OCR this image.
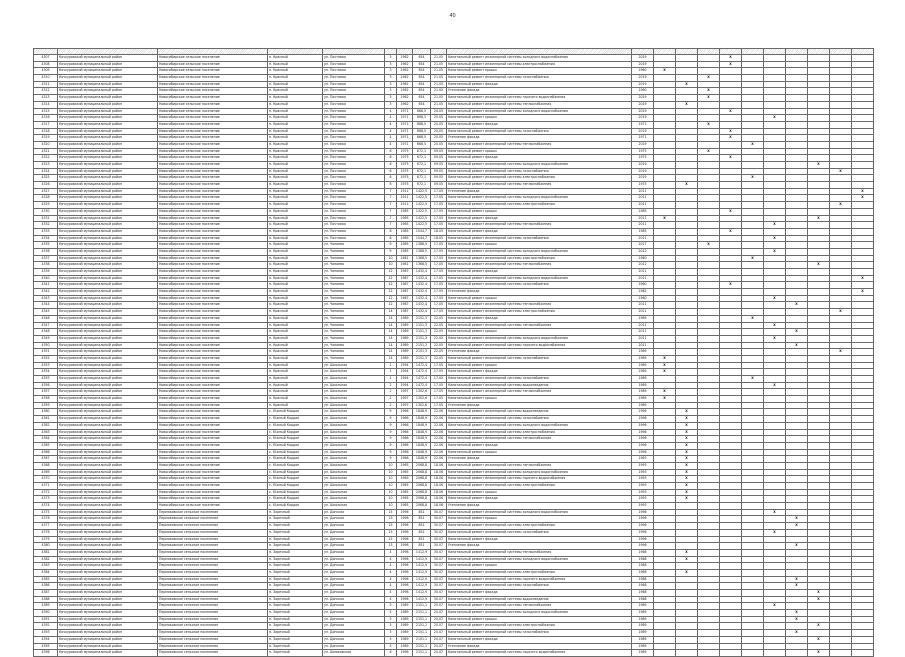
40

4307	Кочкуровский муниципальный район	Новосибирское сельское поселение	п. Красный	ул. Почтовая	3	1962	654	21.05	Капитальный ремонт инженерной системы холодного водоснабжения	2019				X						
4308	Кочкуровский муниципальный район	Новосибирское сельское поселение	п. Красный	ул. Почтовая	3	1962	654	21.05	Капитальный ремонт инженерной системы электроснабжения	2019				X						
4309	Кочкуровский муниципальный район	Новосибирское сельское поселение	п. Красный	ул. Почтовая	3	1962	654	21.05	Капитальный ремонт крыши	1960	X									
4310	Кочкуровский муниципальный район	Новосибирское сельское поселение	п. Красный	ул. Почтовая	3	1962	654	21.05	Капитальный ремонт инженерной системы газоснабжения	2019			X							
4311	Кочкуровский муниципальный район	Новосибирское сельское поселение	п. Красный	ул. Почтовая	3	1962	654	21.05	Капитальный ремонт фасада	2019		X								
4312	Кочкуровский муниципальный район	Новосибирское сельское поселение	п. Красный	ул. Почтовая	3	1962	654	21.05	Утепление фасада	1960			X							
4313	Кочкуровский муниципальный район	Новосибирское сельское поселение	п. Красный	ул. Почтовая	3	1962	654	21.05	Капитальный ремонт инженерной системы горячего водоснабжения	2019			X							
4314	Кочкуровский муниципальный район	Новосибирское сельское поселение	п. Красный	ул. Почтовая	3	1962	654	21.05	Капитальный ремонт инженерной системы теплоснабжения	2019		X								
4315	Кочкуровский муниципальный район	Новосибирское сельское поселение	п. Красный	ул. Почтовая	4	1971	668,5	20.05	Капитальный ремонт инженерной системы холодного водоснабжения	2019				X						
4316	Кочкуровский муниципальный район	Новосибирское сельское поселение	п. Красный	ул. Почтовая	4	1971	668,5	20.05	Капитальный ремонт крыши	2019						X				
4317	Кочкуровский муниципальный район	Новосибирское сельское поселение	п. Красный	ул. Почтовая	4	1971	668,5	20.05	Капитальный ремонт фасада	1971			X							
4318	Кочкуровский муниципальный район	Новосибирское сельское поселение	п. Красный	ул. Почтовая	4	1971	668,5	20.05	Капитальный ремонт инженерной системы газоснабжения	2019				X						
4319	Кочкуровский муниципальный район	Новосибирское сельское поселение	п. Красный	ул. Почтовая	4	1971	668,5	20.05	Утепление фасада	1971				X						
4320	Кочкуровский муниципальный район	Новосибирское сельское поселение	п. Красный	ул. Почтовая	4	1971	668,5	20.05	Капитальный ремонт инженерной системы теплоснабжения	2019					X					
4321	Кочкуровский муниципальный район	Новосибирское сельское поселение	п. Красный	ул. Почтовая	6	1975	672,1	09.05	Капитальный ремонт крыши	1975			X							
4322	Кочкуровский муниципальный район	Новосибирское сельское поселение	п. Красный	ул. Почтовая	6	1975	672,1	09.05	Капитальный ремонт фасада	1975				X						
4323	Кочкуровский муниципальный район	Новосибирское сельское поселение	п. Красный	ул. Почтовая	6	1975	672,1	09.05	Капитальный ремонт инженерной системы холодного водоснабжения	2019								X		
4324	Кочкуровский муниципальный район	Новосибирское сельское поселение	п. Красный	ул. Почтовая	6	1975	672,1	09.05	Капитальный ремонт инженерной системы газоснабжения	2019									X	
4325	Кочкуровский муниципальный район	Новосибирское сельское поселение	п. Красный	ул. Почтовая	6	1975	672,1	09.05	Капитальный ремонт инженерной системы электроснабжения	2019					X					
4326	Кочкуровский муниципальный район	Новосибирское сельское поселение	п. Красный	ул. Почтовая	6	1975	672,1	09.05	Капитальный ремонт инженерной системы теплоснабжения	1975		X								
4327	Кочкуровский муниципальный район	Новосибирское сельское поселение	п. Красный	ул. Почтовая	7	1911	1422,5	17.05	Утепление фасада	2011										X
4328	Кочкуровский муниципальный район	Новосибирское сельское поселение	п. Красный	ул. Почтовая	7	1911	1422,5	17.05	Капитальный ремонт инженерной системы холодного водоснабжения	2011										X
4329	Кочкуровский муниципальный район	Новосибирское сельское поселение	п. Красный	ул. Почтовая	7	1911	1422,5	17.05	Капитальный ремонт инженерной системы электроснабжения	2011									X	
4330	Кочкуровский муниципальный район	Новосибирское сельское поселение	п. Красный	ул. Почтовая	7	1985	1422,5	17.05	Капитальный ремонт крыши	1985				X						
4331	Кочкуровский муниципальный район	Новосибирское сельское поселение	п. Красный	ул. Почтовая	7	1985	1422,5	17.05	Капитальный ремонт фасада	2011	X							X		
4332	Кочкуровский муниципальный район	Новосибирское сельское поселение	п. Красный	ул. Почтовая	7	1985	1422,5	17.05	Капитальный ремонт инженерной системы теплоснабжения	2011						X				
4333	Кочкуровский муниципальный район	Новосибирское сельское поселение	п. Красный	ул. Почтовая	8	1985	1544,7	18.05	Капитальный ремонт фасада	1985				X						
4334	Кочкуровский муниципальный район	Новосибирское сельское поселение	п. Красный	ул. Почтовая	8	1985	1544,7	18.05	Капитальный ремонт инженерной системы газоснабжения	2011						X				
4335	Кочкуровский муниципальный район	Новосибирское сельское поселение	п. Красный	ул. Чапаева	9	1985	1388,5	17.05	Капитальный ремонт крыши	2017			X							
4336	Кочкуровский муниципальный район	Новосибирское сельское поселение	п. Красный	ул. Чапаева	9	1985	1388,5	17.05	Капитальный ремонт инженерной системы холодного водоснабжения	2012						X				
4337	Кочкуровский муниципальный район	Новосибирское сельское поселение	п. Красный	ул. Чапаева	10	1981	1368,5	17.05	Капитальный ремонт инженерной системы электроснабжения	1960					X					
4338	Кочкуровский муниципальный район	Новосибирское сельское поселение	п. Красный	ул. Чапаева	10	1981	1368,5	17.05	Капитальный ремонт инженерной системы теплоснабжения	2012								X		
4339	Кочкуровский муниципальный район	Новосибирское сельское поселение	п. Красный	ул. Чапаева	12	1987	1432,4	17.05	Капитальный ремонт фасада	2011										
4340	Кочкуровский муниципальный район	Новосибирское сельское поселение	п. Красный	ул. Чапаева	12	1987	1432,4	17.05	Капитальный ремонт инженерной системы холодного водоснабжения	2011										X
4341	Кочкуровский муниципальный район	Новосибирское сельское поселение	п. Красный	ул. Чапаева	12	1987	1432,4	17.05	Капитальный ремонт инженерной системы газоснабжения	1960				X						
4342	Кочкуровский муниципальный район	Новосибирское сельское поселение	п. Красный	ул. Чапаева	12	1987	1432,4	17.05	Утепление фасада	1982										X
4343	Кочкуровский муниципальный район	Новосибирское сельское поселение	п. Красный	ул. Чапаева	12	1987	1432,4	17.05	Капитальный ремонт крыши	1960						X				
4344	Кочкуровский муниципальный район	Новосибирское сельское поселение	п. Красный	ул. Чапаева	12	1987	1432,4	17.05	Капитальный ремонт инженерной системы теплоснабжения	2011							X			
4345	Кочкуровский муниципальный район	Новосибирское сельское поселение	п. Красный	ул. Чапаева	14	1987	1432,4	17.05	Капитальный ремонт инженерной системы электроснабжения	2011									X	
4346	Кочкуровский муниципальный район	Новосибирское сельское поселение	п. Красный	ул. Чапаева	14	1989	2151,3	22.05	Капитальный ремонт фасада	1989					X					
4347	Кочкуровский муниципальный район	Новосибирское сельское поселение	п. Красный	ул. Чапаева	14	1989	2151,3	22.05	Капитальный ремонт инженерной системы теплоснабжения	2011						X				
4348	Кочкуровский муниципальный район	Новосибирское сельское поселение	п. Красный	ул. Чапаева	14	1989	2151,3	22.05	Капитальный ремонт крыши	2011							X			
4349	Кочкуровский муниципальный район	Новосибирское сельское поселение	п. Красный	ул. Чапаева	14	1989	2151,3	22.05	Капитальный ремонт инженерной системы холодного водоснабжения	2011						X				
4350	Кочкуровский муниципальный район	Новосибирское сельское поселение	п. Красный	ул. Чапаева	14	1989	2151,3	22.05	Капитальный ремонт инженерной системы горячего водоснабжения	2011							X			
4351	Кочкуровский муниципальный район	Новосибирское сельское поселение	п. Красный	ул. Чапаева	14	1989	2151,3	22.05	Утепление фасада	1989									X	
4352	Кочкуровский муниципальный район	Новосибирское сельское поселение	п. Красный	ул. Чапаева	14	1989	2151,3	22.05	Капитальный ремонт инженерной системы газоснабжения	1989	X									
4353	Кочкуровский муниципальный район	Новосибирское сельское поселение	п. Красный	ул. Школьная	1	1994	1472,4	17.05	Капитальный ремонт крыши	1989	X									
4354	Кочкуровский муниципальный район	Новосибирское сельское поселение	п. Красный	ул. Школьная	1	1994	1472,4	17.05	Капитальный ремонт фасада	1989	X									
4355	Кочкуровский муниципальный район	Новосибирское сельское поселение	п. Красный	ул. Школьная	1	1994	1472,4	17.05	Капитальный ремонт инженерной системы газоснабжения	1989					X					
4356	Кочкуровский муниципальный район	Новосибирское сельское поселение	п. Красный	ул. Школьная	2	1994	1472,4	17.05	Капитальный ремонт инженерной системы водоотведения	1989						X				
4357	Кочкуровский муниципальный район	Новосибирское сельское поселение	п. Красный	ул. Школьная	2	1997	1302,6	17.05	Капитальный ремонт инженерной системы теплоснабжения	1989	X									
4358	Кочкуровский муниципальный район	Новосибирское сельское поселение	п. Красный	ул. Школьная	2	1997	1302,6	17.05	Капитальный ремонт крыши	1989	X									
4359	Кочкуровский муниципальный район	Новосибирское сельское поселение	п. Красный	ул. Школьная	2	1997	1302,6	17.05	Утепление фасада	1989										
4360	Кочкуровский муниципальный район	Новосибирское сельское поселение	с. Южный Кордон	ул. Школьная	9	1966	1848,9	22.06	Капитальный ремонт инженерной системы водоотведения	1996		X								
4361	Кочкуровский муниципальный район	Новосибирское сельское поселение	с. Южный Кордон	ул. Школьная	9	1966	1848,9	22.06	Капитальный ремонт инженерной системы газоснабжения	1996		X								
4362	Кочкуровский муниципальный район	Новосибирское сельское поселение	с. Южный Кордон	ул. Школьная	9	1966	1848,9	22.06	Капитальный ремонт инженерной системы холодного водоснабжения	1996		X								
4363	Кочкуровский муниципальный район	Новосибирское сельское поселение	с. Южный Кордон	ул. Школьная	9	1966	1848,9	22.06	Капитальный ремонт инженерной системы электроснабжения	1996		X								
4364	Кочкуровский муниципальный район	Новосибирское сельское поселение	с. Южный Кордон	ул. Школьная	9	1966	1848,9	22.06	Капитальный ремонт инженерной системы теплоснабжения	1996		X								
4365	Кочкуровский муниципальный район	Новосибирское сельское поселение	с. Южный Кордон	ул. Школьная	9	1966	1848,9	22.06	Капитальный ремонт фасада	1996		X								
4366	Кочкуровский муниципальный район	Новосибирское сельское поселение	с. Южный Кордон	ул. Школьная	9	1966	1848,9	22.06	Капитальный ремонт крыши	1996		X								
4367	Кочкуровский муниципальный район	Новосибирское сельское поселение	с. Южный Кордон	ул. Школьная	9	1966	1848,9	22.06	Утепление фасада	1963		X								
4368	Кочкуровский муниципальный район	Новосибирское сельское поселение	с. Южный Кордон	ул. Школьная	10	1965	2068,8	18.06	Капитальный ремонт инженерной системы теплоснабжения	1993		X								
4369	Кочкуровский муниципальный район	Новосибирское сельское поселение	с. Южный Кордон	ул. Школьная	10	1965	2068,8	18.06	Капитальный ремонт инженерной системы холодного водоснабжения	1993		X								
4370	Кочкуровский муниципальный район	Новосибирское сельское поселение	с. Южный Кордон	ул. Школьная	10	1965	2068,8	18.06	Капитальный ремонт инженерной системы горячего водоснабжения	1993		X								
4371	Кочкуровский муниципальный район	Новосибирское сельское поселение	с. Южный Кордон	ул. Школьная	10	1965	2068,8	18.06	Капитальный ремонт инженерной системы электроснабжения	1993		X								
4372	Кочкуровский муниципальный район	Новосибирское сельское поселение	с. Южный Кордон	ул. Школьная	10	1965	2068,8	18.06	Капитальный ремонт крыши	1993		X								
4373	Кочкуровский муниципальный район	Новосибирское сельское поселение	с. Южный Кордон	ул. Школьная	10	1965	2068,8	18.06	Капитальный ремонт фасада	1993		X								
4374	Кочкуровский муниципальный район	Новосибирское сельское поселение	с. Южный Кордон	ул. Школьная	10	1965	2068,8	18.06	Утепление фасада	1993										
4375	Кочкуровский муниципальный район	Пермяковское сельское поселение	п. Заречный	ул. Донская	15	1996	851	30.07	Капитальный ремонт инженерной системы холодного водоснабжения	1996						X				
4376	Кочкуровский муниципальный район	Пермяковское сельское поселение	п. Заречный	ул. Донская	15	1996	851	30.07	Капитальный ремонт крыши	1996							X			
4377	Кочкуровский муниципальный район	Пермяковское сельское поселение	п. Заречный	ул. Донская	15	1996	851	30.07	Капитальный ремонт инженерной системы электроснабжения	1996							X			
4378	Кочкуровский муниципальный район	Пермяковское сельское поселение	п. Заречный	ул. Донская	15	1996	851	30.07	Капитальный ремонт инженерной системы газоснабжения	1996						X				
4379	Кочкуровский муниципальный район	Пермяковское сельское поселение	п. Заречный	ул. Донская	15	1996	851	30.07	Капитальный ремонт фасада	1996										
4380	Кочкуровский муниципальный район	Пермяковское сельское поселение	п. Заречный	ул. Донская	15	1996	851	30.07	Утепление фасада	1996							X			
4381	Кочкуровский муниципальный район	Пермяковское сельское поселение	п. Заречный	ул. Донская	4	1996	1412,9	30.07	Капитальный ремонт инженерной системы теплоснабжения	1968		X								
4382	Кочкуровский муниципальный район	Пермяковское сельское поселение	п. Заречный	ул. Донская	4	1996	1412,9	30.07	Капитальный ремонт инженерной системы холодного водоснабжения	1968		X								
4383	Кочкуровский муниципальный район	Пермяковское сельское поселение	п. Заречный	ул. Донская	4	1996	1412,9	30.07	Капитальный ремонт крыши	1968										
4384	Кочкуровский муниципальный район	Пермяковское сельское поселение	п. Заречный	ул. Донская	4	1996	1412,9	30.07	Капитальный ремонт инженерной системы электроснабжения	1968		X								
4385	Кочкуровский муниципальный район	Пермяковское сельское поселение	п. Заречный	ул. Донская	4	1996	1412,9	30.07	Капитальный ремонт инженерной системы горячего водоснабжения	1968							X			
4386	Кочкуровский муниципальный район	Пермяковское сельское поселение	п. Заречный	ул. Донская	4	1996	1412,9	30.07	Капитальный ремонт инженерной системы газоснабжения	1968							X			
4387	Кочкуровский муниципальный район	Пермяковское сельское поселение	п. Заречный	ул. Донская	4	1996	1412,9	30.07	Капитальный ремонт фасада	1968								X		
4388	Кочкуровский муниципальный район	Пермяковское сельское поселение	п. Заречный	ул. Донская	4	1996	1412,9	30.07	Капитальный ремонт инженерной системы водоотведения	1968								X		
4389	Кочкуровский муниципальный район	Пермяковское сельское поселение	п. Заречный	ул. Донская	5	1989	2151,1	20.07	Капитальный ремонт инженерной системы теплоснабжения	1989						X				
4390	Кочкуровский муниципальный район	Пермяковское сельское поселение	п. Заречный	ул. Донская	5	1989	2151,1	20.07	Капитальный ремонт инженерной системы холодного водоснабжения	1989							X			
4391	Кочкуровский муниципальный район	Пермяковское сельское поселение	п. Заречный	ул. Донская	5	1989	2151,1	20.07	Капитальный ремонт крыши	1989							X			
4392	Кочкуровский муниципальный район	Пермяковское сельское поселение	п. Заречный	ул. Донская	5	1989	2151,1	20.07	Капитальный ремонт инженерной системы электроснабжения	1989								X		
4393	Кочкуровский муниципальный район	Пермяковское сельское поселение	п. Заречный	ул. Донская	5	1989	2151,1	20.07	Капитальный ремонт инженерной системы газоснабжения	1989							X			
4394	Кочкуровский муниципальный район	Пермяковское сельское поселение	п. Заречный	ул. Донская	5	1989	2151,1	20.07	Капитальный ремонт фасада	1989								X		
4395	Кочкуровский муниципальный район	Пермяковское сельское поселение	п. Заречный	ул. Донская	5	1989	2151,1	20.07	Утепление фасада	1989										
4396	Кочкуровский муниципальный район	Пермяковское сельское поселение	п. Заречный	ул. Шмаковская	6	1996	2151,1	20.07	Капитальный ремонт инженерной системы горячего водоснабжения	1989								X		
